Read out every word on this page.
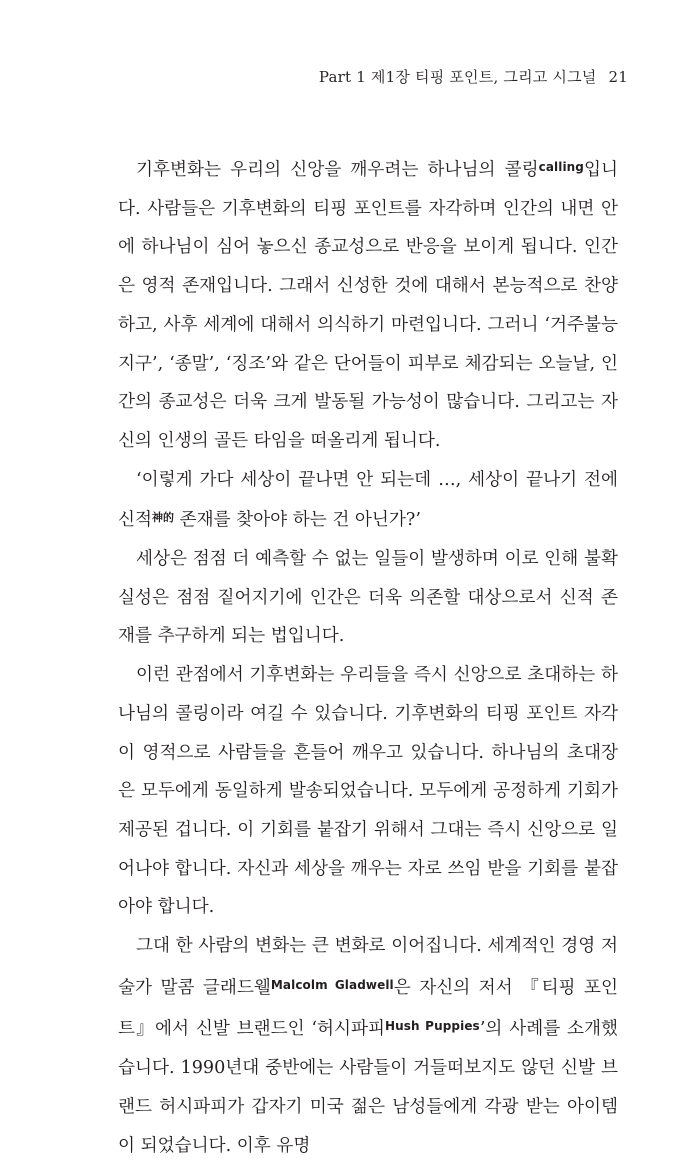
Part 1 제1장 티핑 포인트, 그리고 시그널 21

기후변화는 우리의 신앙을 깨우려는 하나님의 콜링$^{calling}$입니다. 사람들은 기후변화의 티핑 포인트를 자각하며 인간의 내면 안에 하나님이 심어 놓으신 종교성으로 반응을 보이게 됩니다. 인간은 영적 존재입니다. 그래서 신성한 것에 대해서 본능적으로 찬양하고, 사후 세계에 대해서 의식하기 마련입니다. 그러니 ‘거주불능 지구’, ‘종말’, ‘징조’와 같은 단어들이 피부로 체감되는 오늘날, 인간의 종교성은 더욱 크게 발동될 가능성이 많습니다. 그리고는 자신의 인생의 골든 타임을 떠올리게 됩니다.

‘이렇게 가다 세상이 끝나면 안 되는데 …, 세상이 끝나기 전에 신적$^{神的}$ 존재를 찾아야 하는 건 아닌가?’

세상은 점점 더 예측할 수 없는 일들이 발생하며 이로 인해 불확실성은 점점 짙어지기에 인간은 더욱 의존할 대상으로서 신적 존재를 추구하게 되는 법입니다.

이런 관점에서 기후변화는 우리들을 즉시 신앙으로 초대하는 하나님의 콜링이라 여길 수 있습니다. 기후변화의 티핑 포인트 자각이 영적으로 사람들을 흔들어 깨우고 있습니다. 하나님의 초대장은 모두에게 동일하게 발송되었습니다. 모두에게 공정하게 기회가 제공된 겁니다. 이 기회를 붙잡기 위해서 그대는 즉시 신앙으로 일어나야 합니다. 자신과 세상을 깨우는 자로 쓰임 받을 기회를 붙잡아야 합니다.

그대 한 사람의 변화는 큰 변화로 이어집니다. 세계적인 경영 저술가 말콤 글래드웰$^{Malcolm Gladwell}$은 자신의 저서 『티핑 포인트』에서 신발 브랜드인 ‘허시파피$^{Hush Puppies}$’의 사례를 소개했습니다. 1990년대 중반에는 사람들이 거들떠보지도 않던 신발 브랜드 허시파피가 갑자기 미국 젊은 남성들에게 각광 받는 아이템이 되었습니다. 이후 유명
